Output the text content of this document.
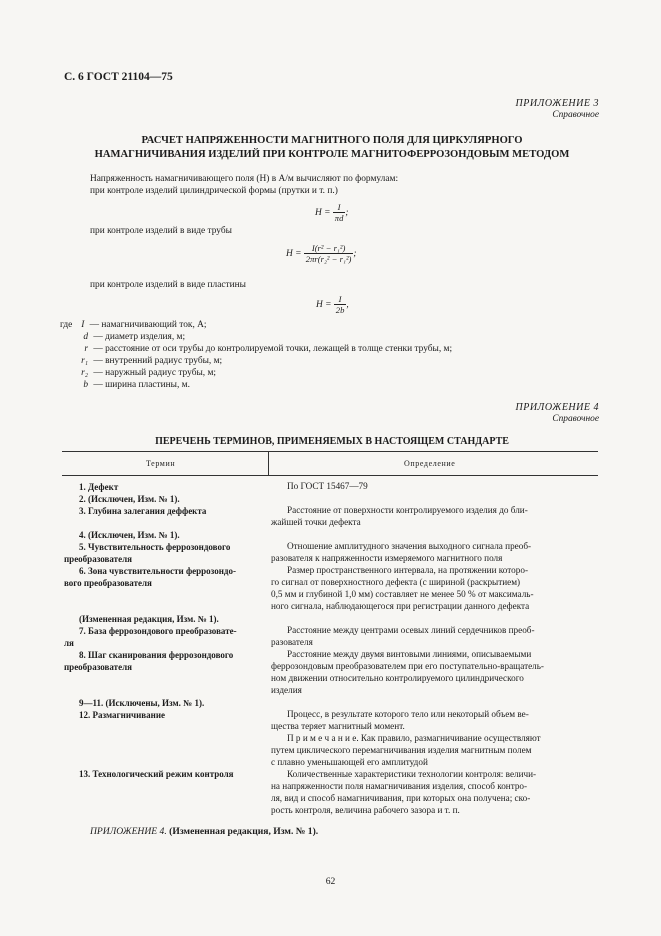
С. 6 ГОСТ 21104—75
ПРИЛОЖЕНИЕ 3
Справочное
РАСЧЕТ НАПРЯЖЕННОСТИ МАГНИТНОГО ПОЛЯ ДЛЯ ЦИРКУЛЯРНОГО
НАМАГНИЧИВАНИЯ ИЗДЕЛИЙ ПРИ КОНТРОЛЕ МАГНИТОФЕРРОЗОНДОВЫМ МЕТОДОМ
Напряженность намагничивающего поля (H) в А/м вычисляют по формулам:
при контроле изделий цилиндрической формы (прутки и т. п.)
$H = \frac{I}{\pi d}$ ;
при контроле изделий в виде трубы
$H = \frac{\text{I(r² − r₁²)}}{\text{2πr(r₂² − r₁²)}}$ ;
при контроле изделий в виде пластины
$H = \frac{I}{2b}$ ,
где I — намагничивающий ток, А;
d — диаметр изделия, м;
r — расстояние от оси трубы до контролируемой точки, лежащей в толще стенки трубы, м;
r₁ — внутренний радиус трубы, м;
r₂ — наружный радиус трубы, м;
b — ширина пластины, м.
ПРИЛОЖЕНИЕ 4
Справочное
ПЕРЕЧЕНЬ ТЕРМИНОВ, ПРИМЕНЯЕМЫХ В НАСТОЯЩЕМ СТАНДАРТЕ
Термин	Определение
1. Дефект
2. (Исключен, Изм. № 1).
3. Глубина залегания деффекта
4. (Исключен, Изм. № 1).
5. Чувствительность феррозондового
преобразователя
6. Зона чувствительности феррозондо-
вого преобразователя
(Измененная редакция, Изм. № 1).
7. База феррозондового преобразовате-
ля
8. Шаг сканирования феррозондового
преобразователя
9—11. (Исключены, Изм. № 1).
12. Размагничивание
13. Технологический режим контроля
По ГОСТ 15467—79
Расстояние от поверхности контролируемого изделия до бли-
жайшей точки дефекта
Отношение амплитудного значения выходного сигнала преоб-
разователя к напряженности измеряемого магнитного поля
Размер пространственного интервала, на протяжении которо-
го сигнал от поверхностного дефекта (с шириной (раскрытием)
0,5 мм и глубиной 1,0 мм) составляет не менее 50 % от максималь-
ного сигнала, наблюдающегося при регистрации данного дефекта
Расстояние между центрами осевых линий сердечников преоб-
разователя
Расстояние между двумя винтовыми линиями, описываемыми
феррозондовым преобразователем при его поступательно-вращатель-
ном движении относительно контролируемого цилиндрического
изделия
Процесс, в результате которого тело или некоторый объем ве-
щества теряет магнитный момент.
П р и м е ч а н и е. Как правило, размагничивание осуществляют
путем циклического перемагничивания изделия магнитным полем
с плавно уменьшающей его амплитудой
Количественные характеристики технологии контроля: величи-
на напряженности поля намагничивания изделия, способ контро-
ля, вид и способ намагничивания, при которых она получена; ско-
рость контроля, величина рабочего зазора и т. п.
ПРИЛОЖЕНИЕ 4. (Измененная редакция, Изм. № 1).
62
